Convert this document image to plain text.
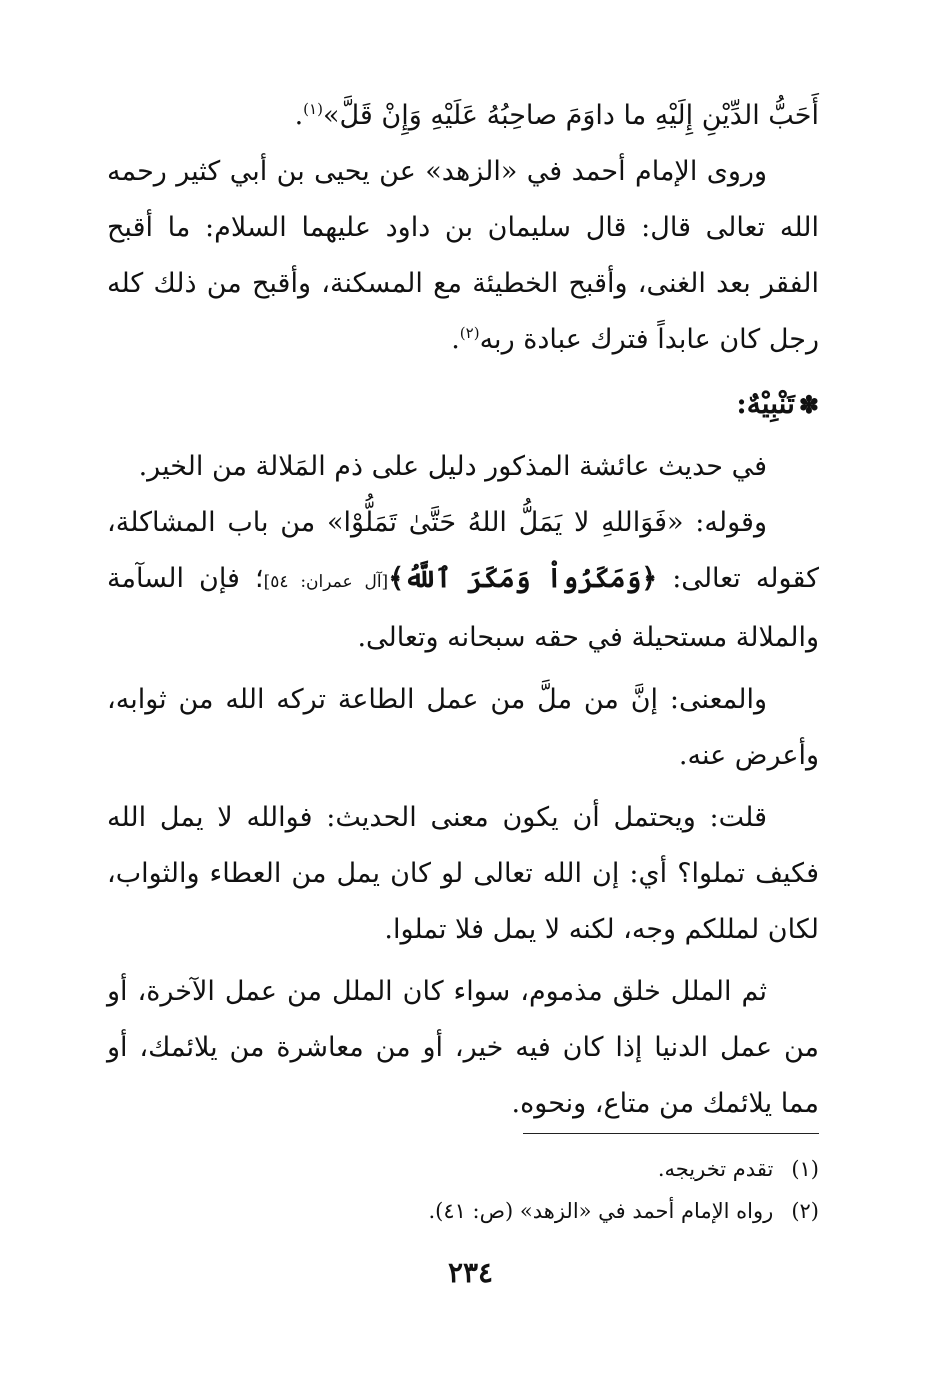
أَحَبُّ الدِّيْنِ إِلَيْهِ ما داوَمَ صاحِبُهُ عَلَيْهِ وَإِنْ قَلَّ»$^{(١)}$.

وروى الإمام أحمد في «الزهد» عن يحيى بن أبي كثير رحمه الله تعالى قال: قال سليمان بن داود عليهما السلام: ما أقبح الفقر بعد الغنى، وأقبح الخطيئة مع المسكنة، وأقبح من ذلك كله رجل كان عابداً فترك عبادة ربه$^{(٢)}$.

✽تَنْبِيْهٌ:

في حديث عائشة المذكور دليل على ذم المَلالة من الخير.

وقوله: «فَوَاللهِ لا يَمَلُّ اللهُ حَتَّىٰ تَمَلُّوْا» من باب المشاكلة، كقوله تعالى: ﴿وَمَكَرُواْ وَمَكَرَ ٱللَّهُ﴾[آل عمران: ٥٤]؛ فإن السآمة والملالة مستحيلة في حقه سبحانه وتعالى.

والمعنى: إنَّ من ملَّ من عمل الطاعة تركه الله من ثوابه، وأعرض عنه.

قلت: ويحتمل أن يكون معنى الحديث: فوالله لا يمل الله فكيف تملوا؟ أي: إن الله تعالى لو كان يمل من العطاء والثواب، لكان لمللكم وجه، لكنه لا يمل فلا تملوا.

ثم الملل خلق مذموم، سواء كان الملل من عمل الآخرة، أو من عمل الدنيا إذا كان فيه خير، أو من معاشرة من يلائمك، أو مما يلائمك من متاع، ونحوه.

(١)تقدم تخريجه.

(٢)رواه الإمام أحمد في «الزهد» (ص: ٤١).

٢٣٤
